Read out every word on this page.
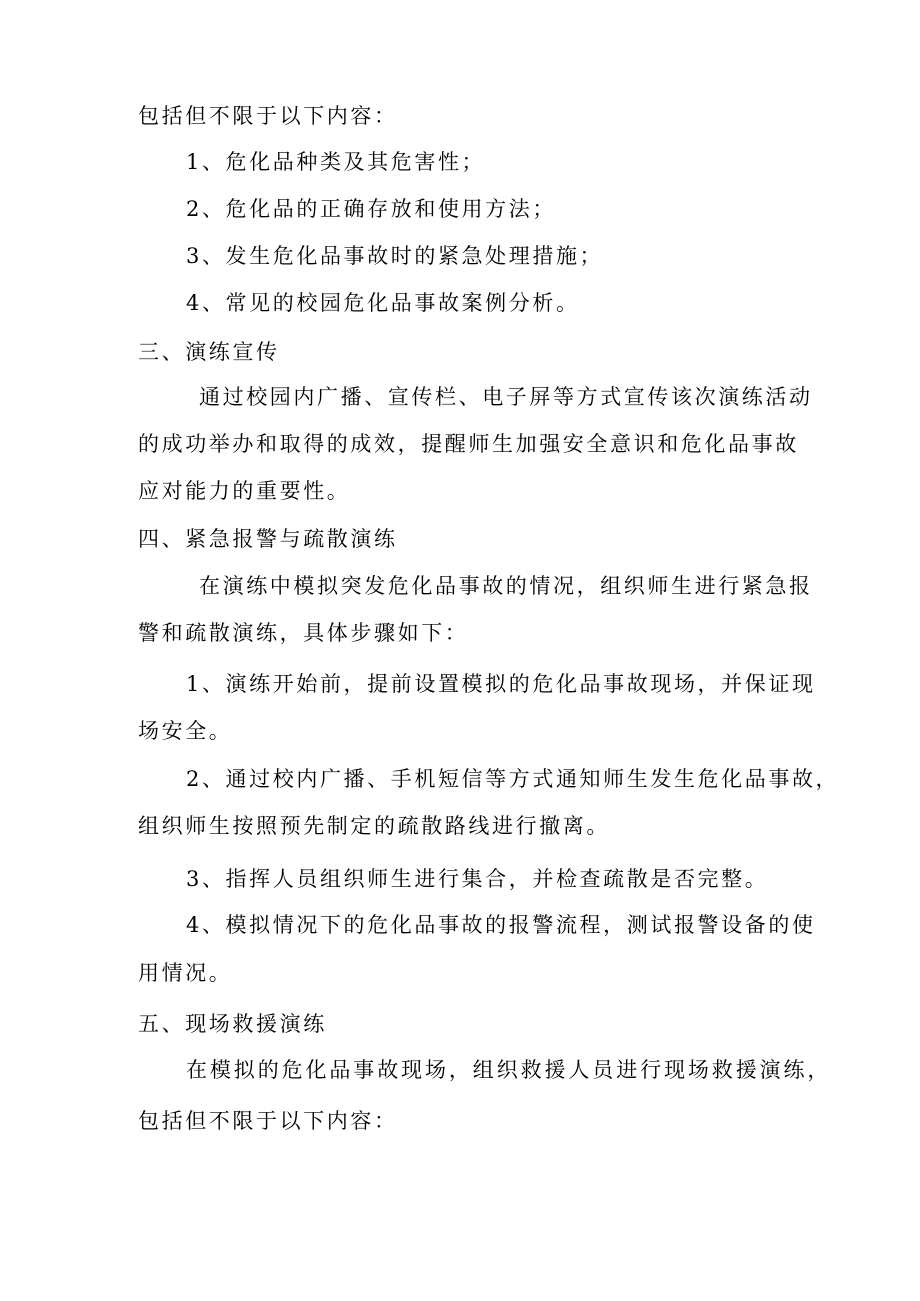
包括但不限于以下内容：
1、危化品种类及其危害性；
2、危化品的正确存放和使用方法；
3、发生危化品事故时的紧急处理措施；
4、常见的校园危化品事故案例分析。
三、演练宣传
通过校园内广播、宣传栏、电子屏等方式宣传该次演练活动
的成功举办和取得的成效，提醒师生加强安全意识和危化品事故
应对能力的重要性。
四、紧急报警与疏散演练
在演练中模拟突发危化品事故的情况，组织师生进行紧急报
警和疏散演练，具体步骤如下：
1、演练开始前，提前设置模拟的危化品事故现场，并保证现
场安全。
2、通过校内广播、手机短信等方式通知师生发生危化品事故，
组织师生按照预先制定的疏散路线进行撤离。
3、指挥人员组织师生进行集合，并检查疏散是否完整。
4、模拟情况下的危化品事故的报警流程，测试报警设备的使
用情况。
五、现场救援演练
在模拟的危化品事故现场，组织救援人员进行现场救援演练，
包括但不限于以下内容：
